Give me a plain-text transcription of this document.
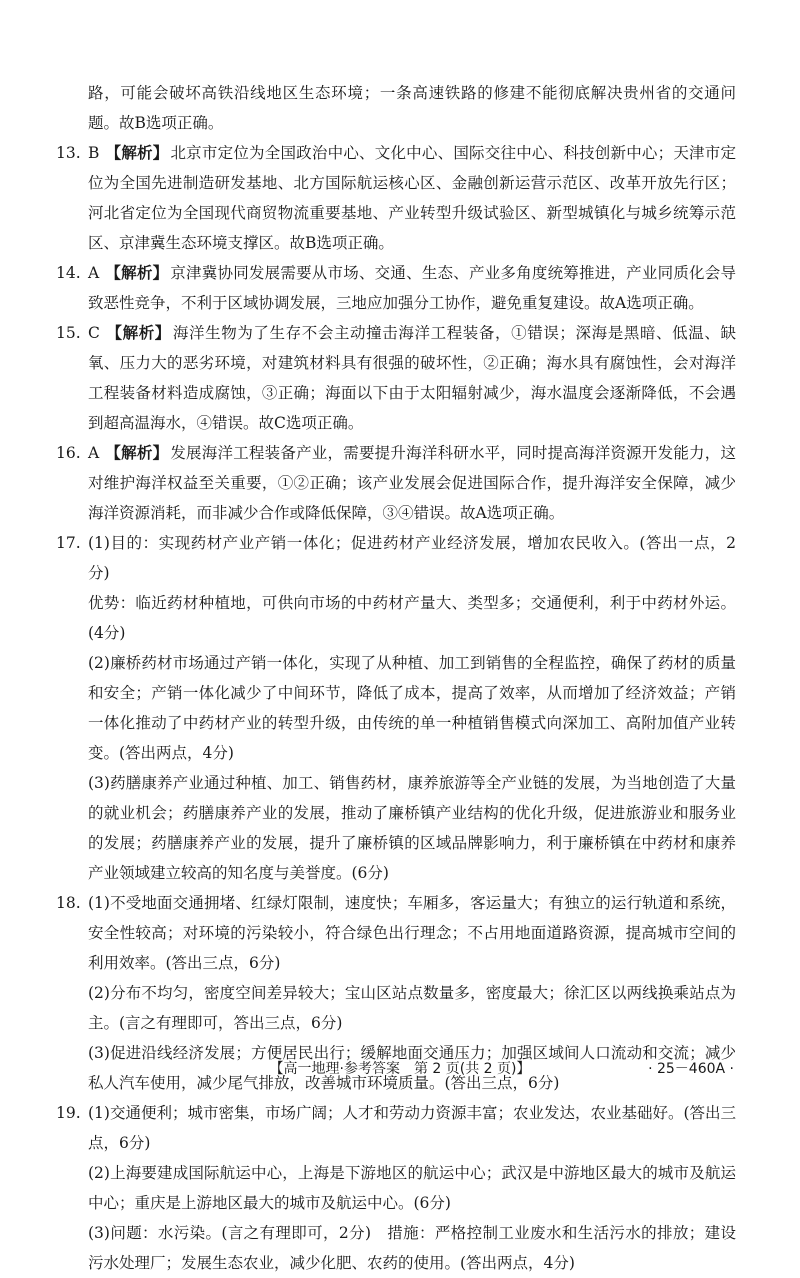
路，可能会破坏高铁沿线地区生态环境；一条高速铁路的修建不能彻底解决贵州省的交通问题。故B选项正确。

13. B 【解析】 北京市定位为全国政治中心、文化中心、国际交往中心、科技创新中心；天津市定位为全国先进制造研发基地、北方国际航运核心区、金融创新运营示范区、改革开放先行区；河北省定位为全国现代商贸物流重要基地、产业转型升级试验区、新型城镇化与城乡统筹示范区、京津冀生态环境支撑区。故B选项正确。

14. A 【解析】 京津冀协同发展需要从市场、交通、生态、产业多角度统筹推进，产业同质化会导致恶性竞争，不利于区域协调发展，三地应加强分工协作，避免重复建设。故A选项正确。

15. C 【解析】 海洋生物为了生存不会主动撞击海洋工程装备，①错误；深海是黑暗、低温、缺氧、压力大的恶劣环境，对建筑材料具有很强的破坏性，②正确；海水具有腐蚀性，会对海洋工程装备材料造成腐蚀，③正确；海面以下由于太阳辐射减少，海水温度会逐渐降低，不会遇到超高温海水，④错误。故C选项正确。

16. A 【解析】 发展海洋工程装备产业，需要提升海洋科研水平，同时提高海洋资源开发能力，这对维护海洋权益至关重要，①②正确；该产业发展会促进国际合作，提升海洋安全保障，减少海洋资源消耗，而非减少合作或降低保障，③④错误。故A选项正确。

17. (1)目的：实现药材产业产销一体化；促进药材产业经济发展，增加农民收入。(答出一点，2分)

优势：临近药材种植地，可供向市场的中药材产量大、类型多；交通便利，利于中药材外运。(4分)

(2)廉桥药材市场通过产销一体化，实现了从种植、加工到销售的全程监控，确保了药材的质量和安全；产销一体化减少了中间环节，降低了成本，提高了效率，从而增加了经济效益；产销一体化推动了中药材产业的转型升级，由传统的单一种植销售模式向深加工、高附加值产业转变。(答出两点，4分)

(3)药膳康养产业通过种植、加工、销售药材，康养旅游等全产业链的发展，为当地创造了大量的就业机会；药膳康养产业的发展，推动了廉桥镇产业结构的优化升级，促进旅游业和服务业的发展；药膳康养产业的发展，提升了廉桥镇的区域品牌影响力，利于廉桥镇在中药材和康养产业领域建立较高的知名度与美誉度。(6分)

18. (1)不受地面交通拥堵、红绿灯限制，速度快；车厢多，客运量大；有独立的运行轨道和系统，安全性较高；对环境的污染较小，符合绿色出行理念；不占用地面道路资源，提高城市空间的利用效率。(答出三点，6分)

(2)分布不均匀，密度空间差异较大；宝山区站点数量多，密度最大；徐汇区以两线换乘站点为主。(言之有理即可，答出三点，6分)

(3)促进沿线经济发展；方便居民出行；缓解地面交通压力；加强区域间人口流动和交流；减少私人汽车使用，减少尾气排放，改善城市环境质量。(答出三点，6分)

19. (1)交通便利；城市密集，市场广阔；人才和劳动力资源丰富；农业发达，农业基础好。(答出三点，6分)

(2)上海要建成国际航运中心，上海是下游地区的航运中心；武汉是中游地区最大的城市及航运中心；重庆是上游地区最大的城市及航运中心。(6分)

(3)问题：水污染。(言之有理即可，2分)　措施：严格控制工业废水和生活污水的排放；建设污水处理厂；发展生态农业，减少化肥、农药的使用。(答出两点，4分)

【高一地理·参考答案　第 2 页(共 2 页)】	· 25－460A ·
